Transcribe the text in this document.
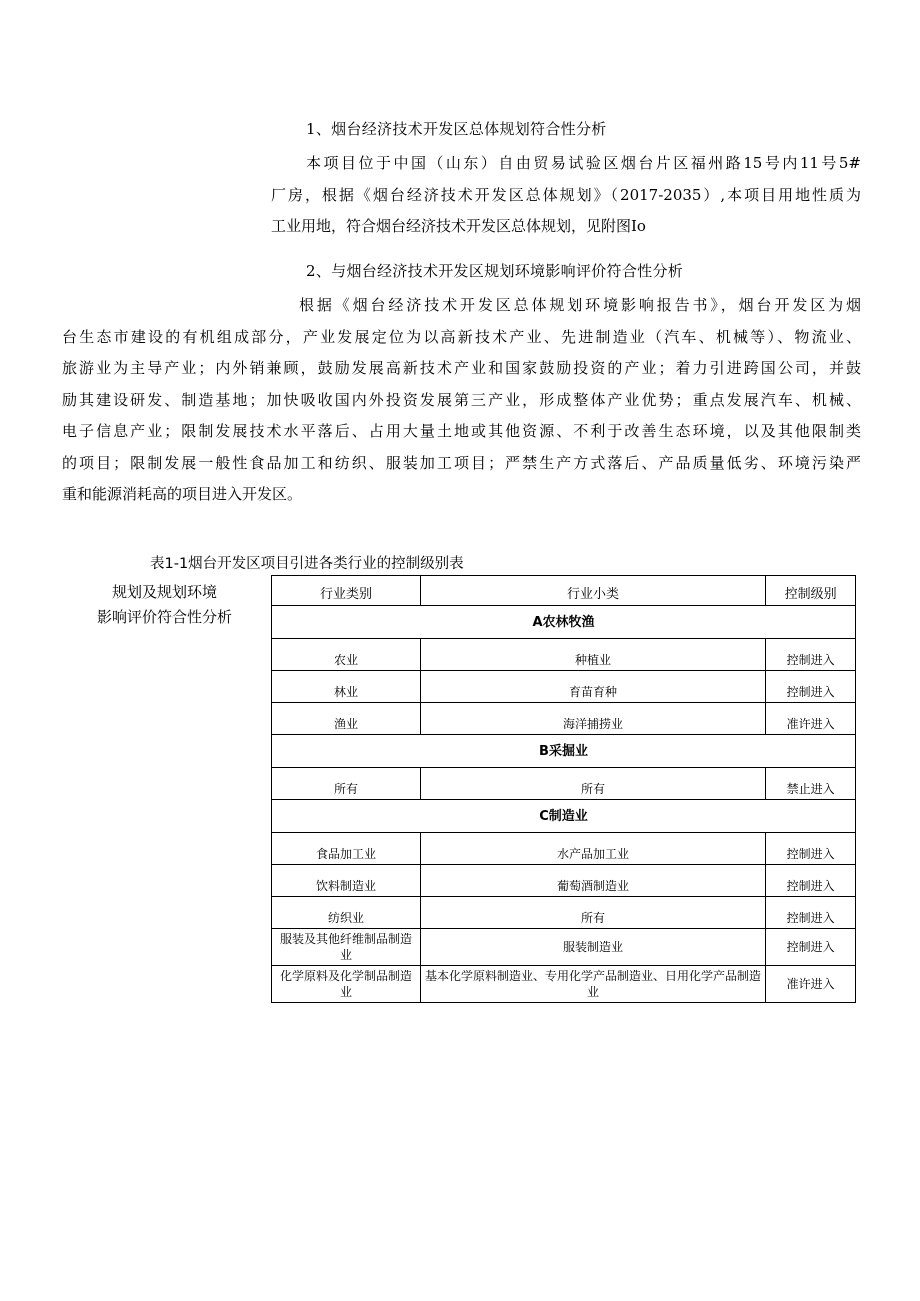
1、烟台经济技术开发区总体规划符合性分析
本项目位于中国（山东）自由贸易试验区烟台片区福州路15号内11号5#
厂房，根据《烟台经济技术开发区总体规划》（2017-2035）,本项目用地性质为
工业用地，符合烟台经济技术开发区总体规划，见附图Io
2、与烟台经济技术开发区规划环境影响评价符合性分析
根据《烟台经济技术开发区总体规划环境影响报告书》，烟台开发区为烟
台生态市建设的有机组成部分，产业发展定位为以高新技术产业、先进制造业（汽车、机械等）、物流业、
旅游业为主导产业；内外销兼顾，鼓励发展高新技术产业和国家鼓励投资的产业；着力引进跨国公司，并鼓
励其建设研发、制造基地；加快吸收国内外投资发展第三产业，形成整体产业优势；重点发展汽车、机械、
电子信息产业；限制发展技术水平落后、占用大量土地或其他资源、不利于改善生态环境，以及其他限制类
的项目；限制发展一般性食品加工和纺织、服装加工项目；严禁生产方式落后、产品质量低劣、环境污染严
重和能源消耗高的项目进入开发区。
表1-1烟台开发区项目引进各类行业的控制级别表
规划及规划环境
影响评价符合性分析
行业类别	行业小类	控制级别
A农林牧渔		
农业	种植业	控制进入
林业	育苗育种	控制进入
渔业	海洋捕捞业	准许进入
B采掘业		
所有	所有	禁止进入
C制造业		
食品加工业	水产品加工业	控制进入
饮料制造业	葡萄酒制造业	控制进入
纺织业	所有	控制进入
服装及其他纤维制品制造业	服装制造业	控制进入
化学原料及化学制品制造业	基本化学原料制造业、专用化学产品制造业、日用化学产品制造业	准许进入
